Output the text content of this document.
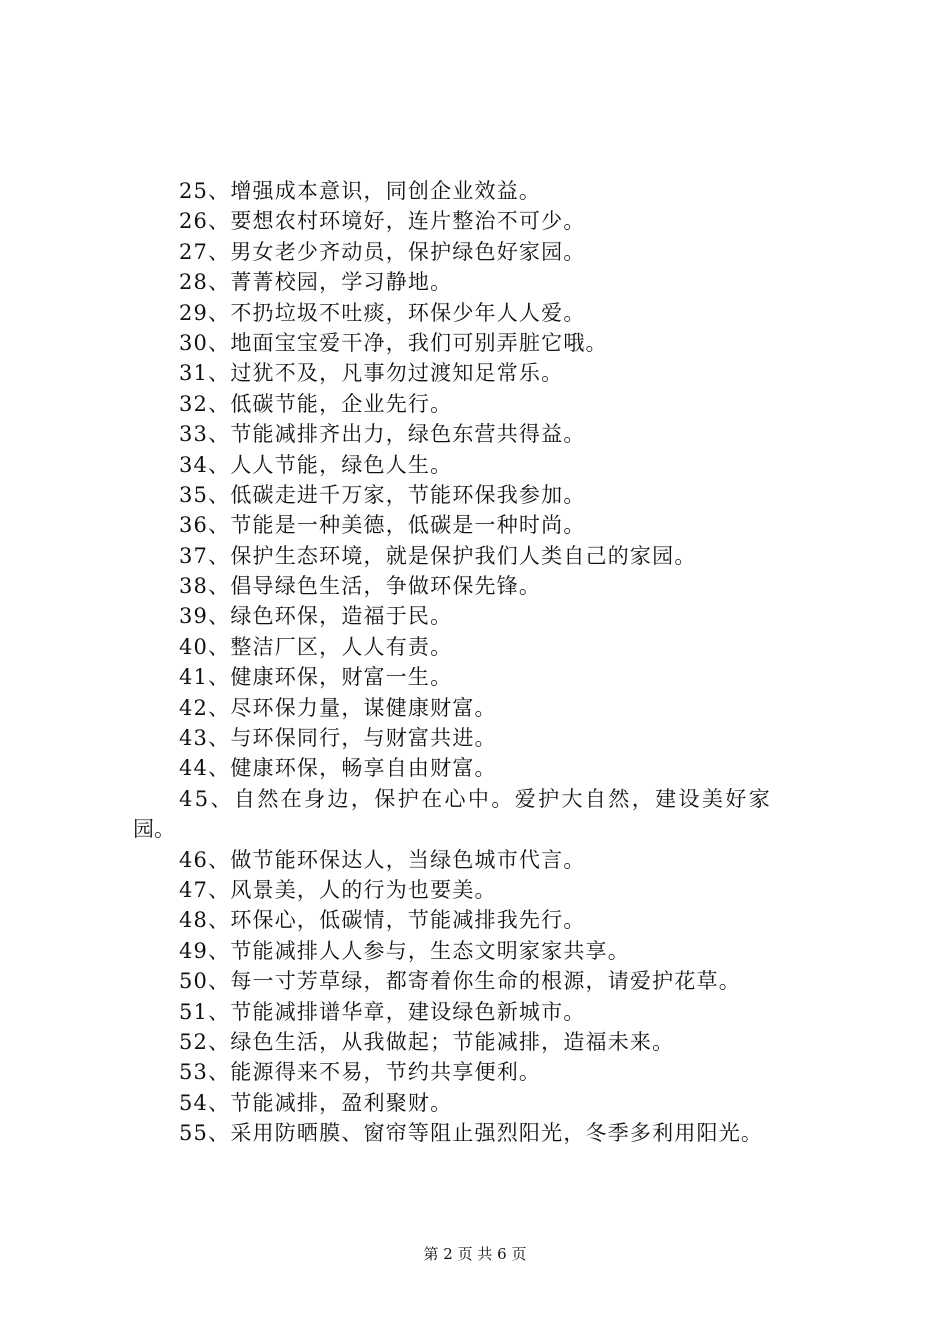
25、增强成本意识，同创企业效益。
26、要想农村环境好，连片整治不可少。
27、男女老少齐动员，保护绿色好家园。
28、菁菁校园，学习静地。
29、不扔垃圾不吐痰，环保少年人人爱。
30、地面宝宝爱干净，我们可别弄脏它哦。
31、过犹不及，凡事勿过渡知足常乐。
32、低碳节能，企业先行。
33、节能减排齐出力，绿色东营共得益。
34、人人节能，绿色人生。
35、低碳走进千万家，节能环保我参加。
36、节能是一种美德，低碳是一种时尚。
37、保护生态环境，就是保护我们人类自己的家园。
38、倡导绿色生活，争做环保先锋。
39、绿色环保，造福于民。
40、整洁厂区，人人有责。
41、健康环保，财富一生。
42、尽环保力量，谋健康财富。
43、与环保同行，与财富共进。
44、健康环保，畅享自由财富。
45、自然在身边，保护在心中。爱护大自然，建设美好家
园。
46、做节能环保达人，当绿色城市代言。
47、风景美，人的行为也要美。
48、环保心，低碳情，节能减排我先行。
49、节能减排人人参与，生态文明家家共享。
50、每一寸芳草绿，都寄着你生命的根源，请爱护花草。
51、节能减排谱华章，建设绿色新城市。
52、绿色生活，从我做起；节能减排，造福未来。
53、能源得来不易，节约共享便利。
54、节能减排，盈利聚财。
55、采用防晒膜、窗帘等阻止强烈阳光，冬季多利用阳光。
第 2 页 共 6 页
